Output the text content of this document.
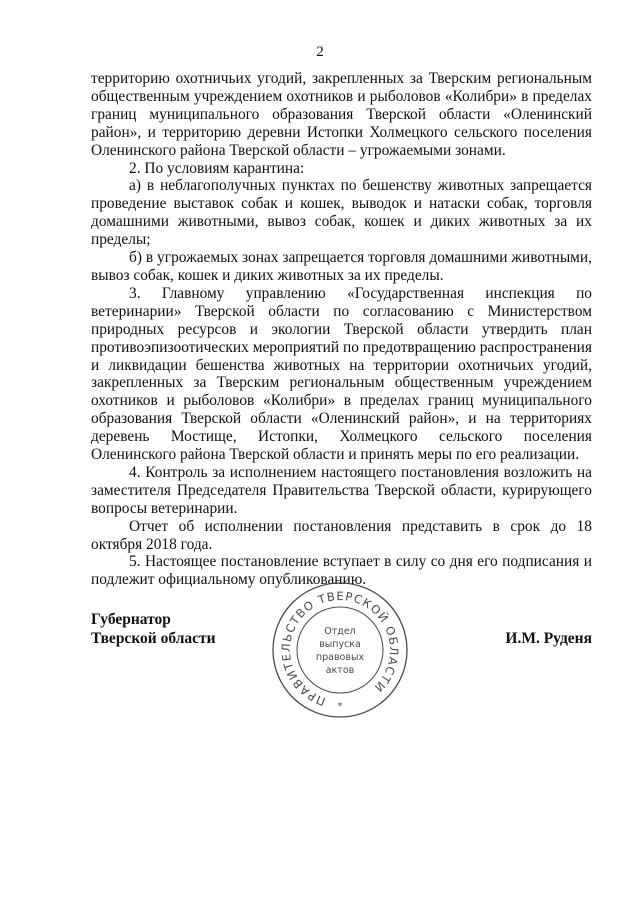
2

территорию охотничьих угодий, закрепленных за Тверским региональным общественным учреждением охотников и рыболовов «Колибри» в пределах границ муниципального образования Тверской области «Оленинский район», и территорию деревни Истопки Холмецкого сельского поселения Оленинского района Тверской области – угрожаемыми зонами.

2. По условиям карантина:

а) в неблагополучных пунктах по бешенству животных запрещается проведение выставок собак и кошек, выводок и натаски собак, торговля домашними животными, вывоз собак, кошек и диких животных за их пределы;

б) в угрожаемых зонах запрещается торговля домашними животными, вывоз собак, кошек и диких животных за их пределы.

3. Главному управлению «Государственная инспекция по ветеринарии» Тверской области по согласованию с Министерством природных ресурсов и экологии Тверской области утвердить план противоэпизоотических мероприятий по предотвращению распространения и ликвидации бешенства животных на территории охотничьих угодий, закрепленных за Тверским региональным общественным учреждением охотников и рыболовов «Колибри» в пределах границ муниципального образования Тверской области «Оленинский район», и на территориях деревень Мостище, Истопки, Холмецкого сельского поселения Оленинского района Тверской области и принять меры по его реализации.

4. Контроль за исполнением настоящего постановления возложить на заместителя Председателя Правительства Тверской области, курирующего вопросы ветеринарии.

Отчет об исполнении постановления представить в срок до 18 октября 2018 года.

5. Настоящее постановление вступает в силу со дня его подписания и подлежит официальному опубликованию.

Губернатор
Тверской области
ПРАВИТЕЛЬСТВО ТВЕРСКОЙ ОБЛАСТИ
Отдел
выпуска
правовых
актов
*
И.М. Руденя
